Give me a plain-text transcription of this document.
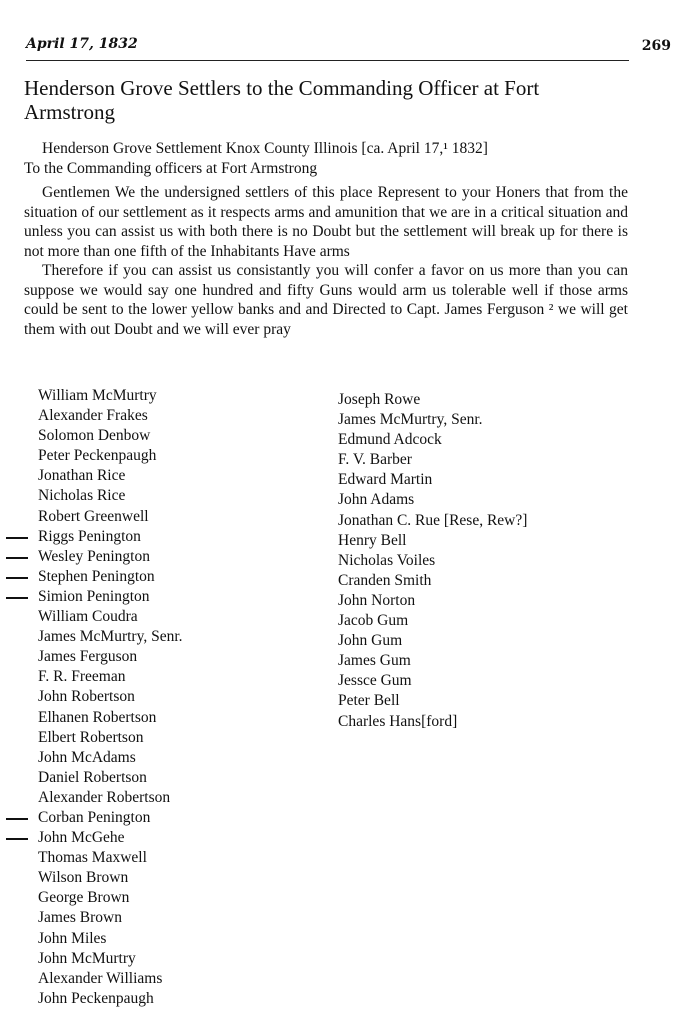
April 17, 1832	269
Henderson Grove Settlers to the Commanding Officer at Fort Armstrong
Henderson Grove Settlement Knox County Illinois [ca. April 17,¹ 1832]
To the Commanding officers at Fort Armstrong

Gentlemen We the undersigned settlers of this place Represent to your Honers that from the situation of our settlement as it respects arms and amunition that we are in a critical situation and unless you can assist us with both there is no Doubt but the settlement will break up for there is not more than one fifth of the Inhabitants Have arms

Therefore if you can assist us consistantly you will confer a favor on us more than you can suppose we would say one hundred and fifty Guns would arm us tolerable well if those arms could be sent to the lower yellow banks and and Directed to Capt. James Ferguson ² we will get them with out Doubt and we will ever pray

William McMurtry
Alexander Frakes
Solomon Denbow
Peter Peckenpaugh
Jonathan Rice
Nicholas Rice
Robert Greenwell
Riggs Penington
Wesley Penington
Stephen Penington
Simion Penington
William Coudra
James McMurtry, Senr.
James Ferguson
F. R. Freeman
John Robertson
Elhanen Robertson
Elbert Robertson
John McAdams
Daniel Robertson
Alexander Robertson
Corban Penington
John McGehe
Thomas Maxwell
Wilson Brown
George Brown
James Brown
John Miles
John McMurtry
Alexander Williams
John Peckenpaugh
Joseph Rowe
James McMurtry, Senr.
Edmund Adcock
F. V. Barber
Edward Martin
John Adams
Jonathan C. Rue [Rese, Rew?]
Henry Bell
Nicholas Voiles
Cranden Smith
John Norton
Jacob Gum
John Gum
James Gum
Jessce Gum
Peter Bell
Charles Hans[ford]
